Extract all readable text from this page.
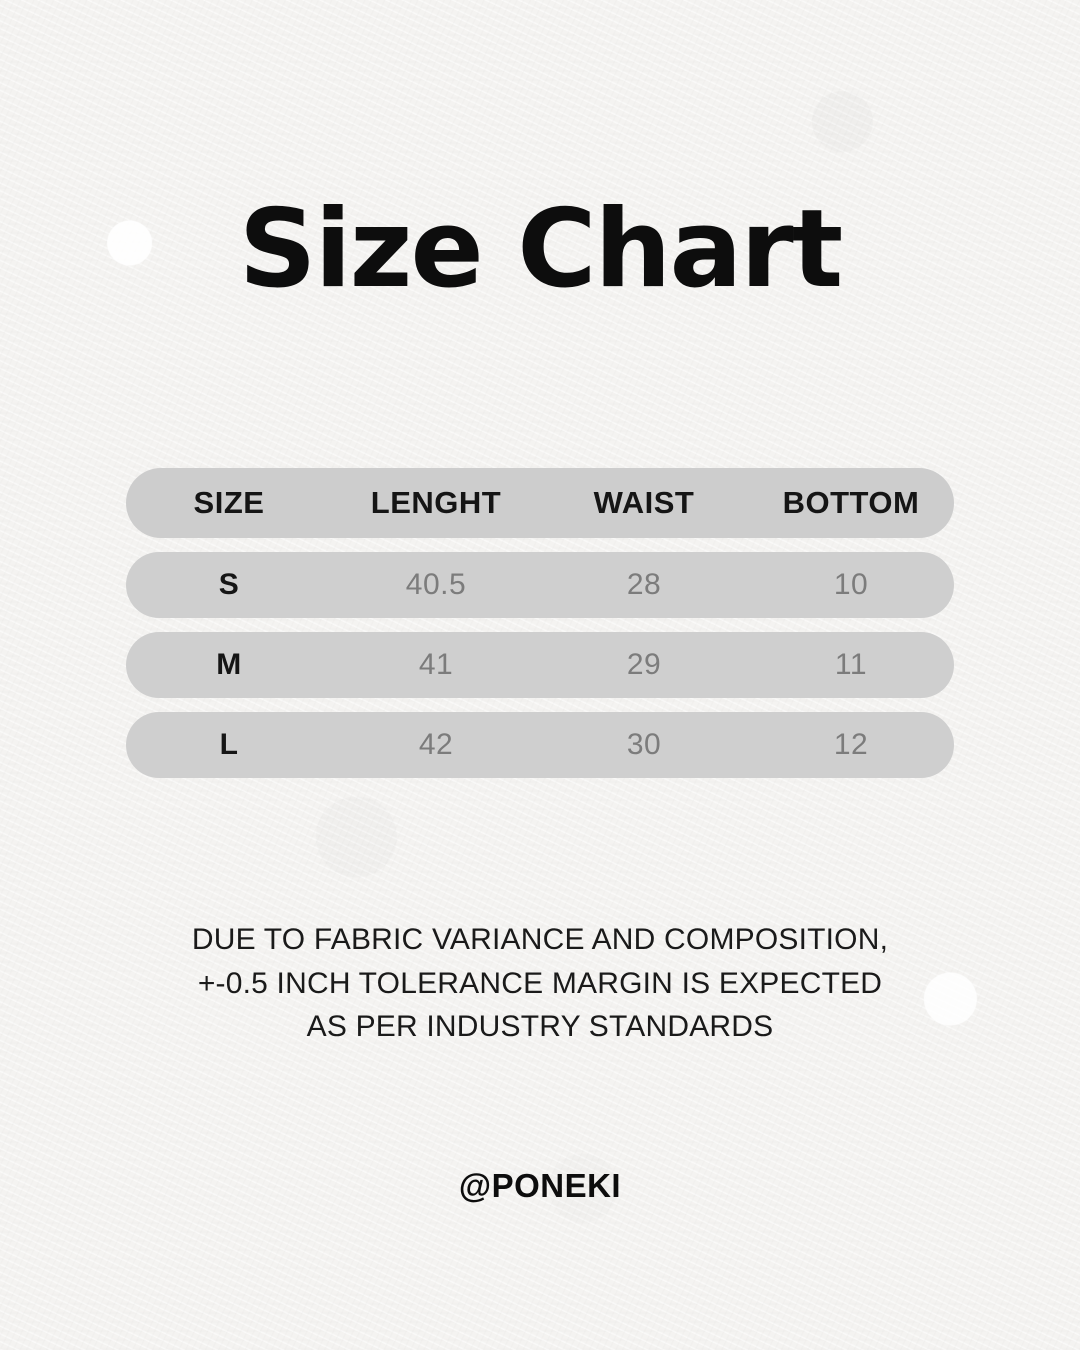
Size Chart
SIZE	LENGHT	WAIST	BOTTOM
S	40.5	28	10
M	41	29	11
L	42	30	12
DUE TO FABRIC VARIANCE AND COMPOSITION,
+-0.5 INCH TOLERANCE MARGIN IS EXPECTED
AS PER INDUSTRY STANDARDS
@PONEKI
